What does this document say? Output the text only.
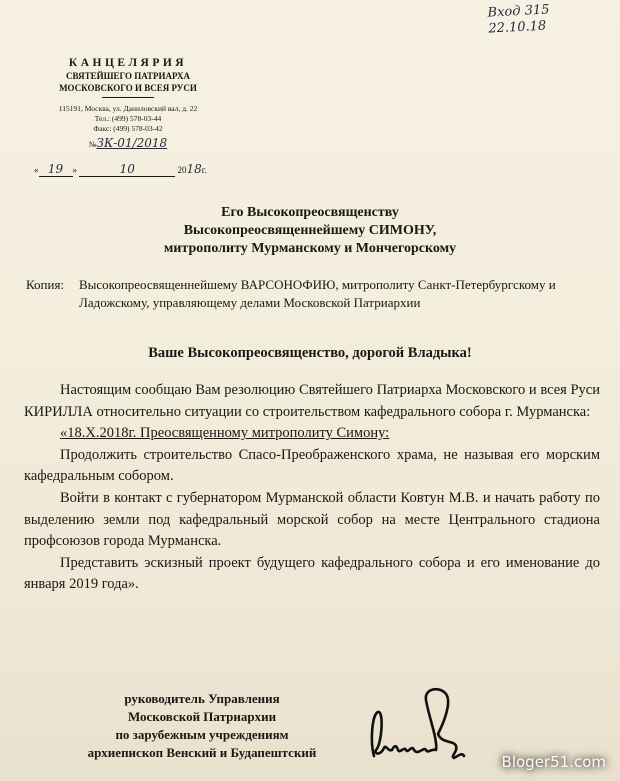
Вход 315
22.10.18
КАНЦЕЛЯРИЯ
СВЯТЕЙШЕГО ПАТРИАРХА
МОСКОВСКОГО И ВСЕЯ РУСИ
115191, Москва, ул. Даниловский вал, д. 22
Тел.: (499) 578-03-44
Факс: (499) 578-03-42
№ЗК-01/2018
« 19 »	10	2018г.
Его Высокопреосвященству
Высокопреосвященнейшему СИМОНУ,
митрополиту Мурманскому и Мончегорскому
Копия:	Высокопреосвященнейшему ВАРСОНОФИЮ, митрополиту Санкт-Петербургскому и Ладожскому, управляющему делами Московской Патриархии
Ваше Высокопреосвященство, дорогой Владыка!

Настоящим сообщаю Вам резолюцию Святейшего Патриарха Московского и всея Руси КИРИЛЛА относительно ситуации со строительством кафедрального собора г. Мурманска:

«18.Х.2018г. Преосвященному митрополиту Симону:

Продолжить строительство Спасо-Преображенского храма, не называя его морским кафедральным собором.

Войти в контакт с губернатором Мурманской области Ковтун М.В. и начать работу по выделению земли под кафедральный морской собор на месте Центрального стадиона профсоюзов города Мурманска.

Представить эскизный проект будущего кафедрального собора и его именование до января 2019 года».

руководитель Управления
Московской Патриархии
по зарубежным учреждениям
архиепископ Венский и Будапештский
Bloger51.com
